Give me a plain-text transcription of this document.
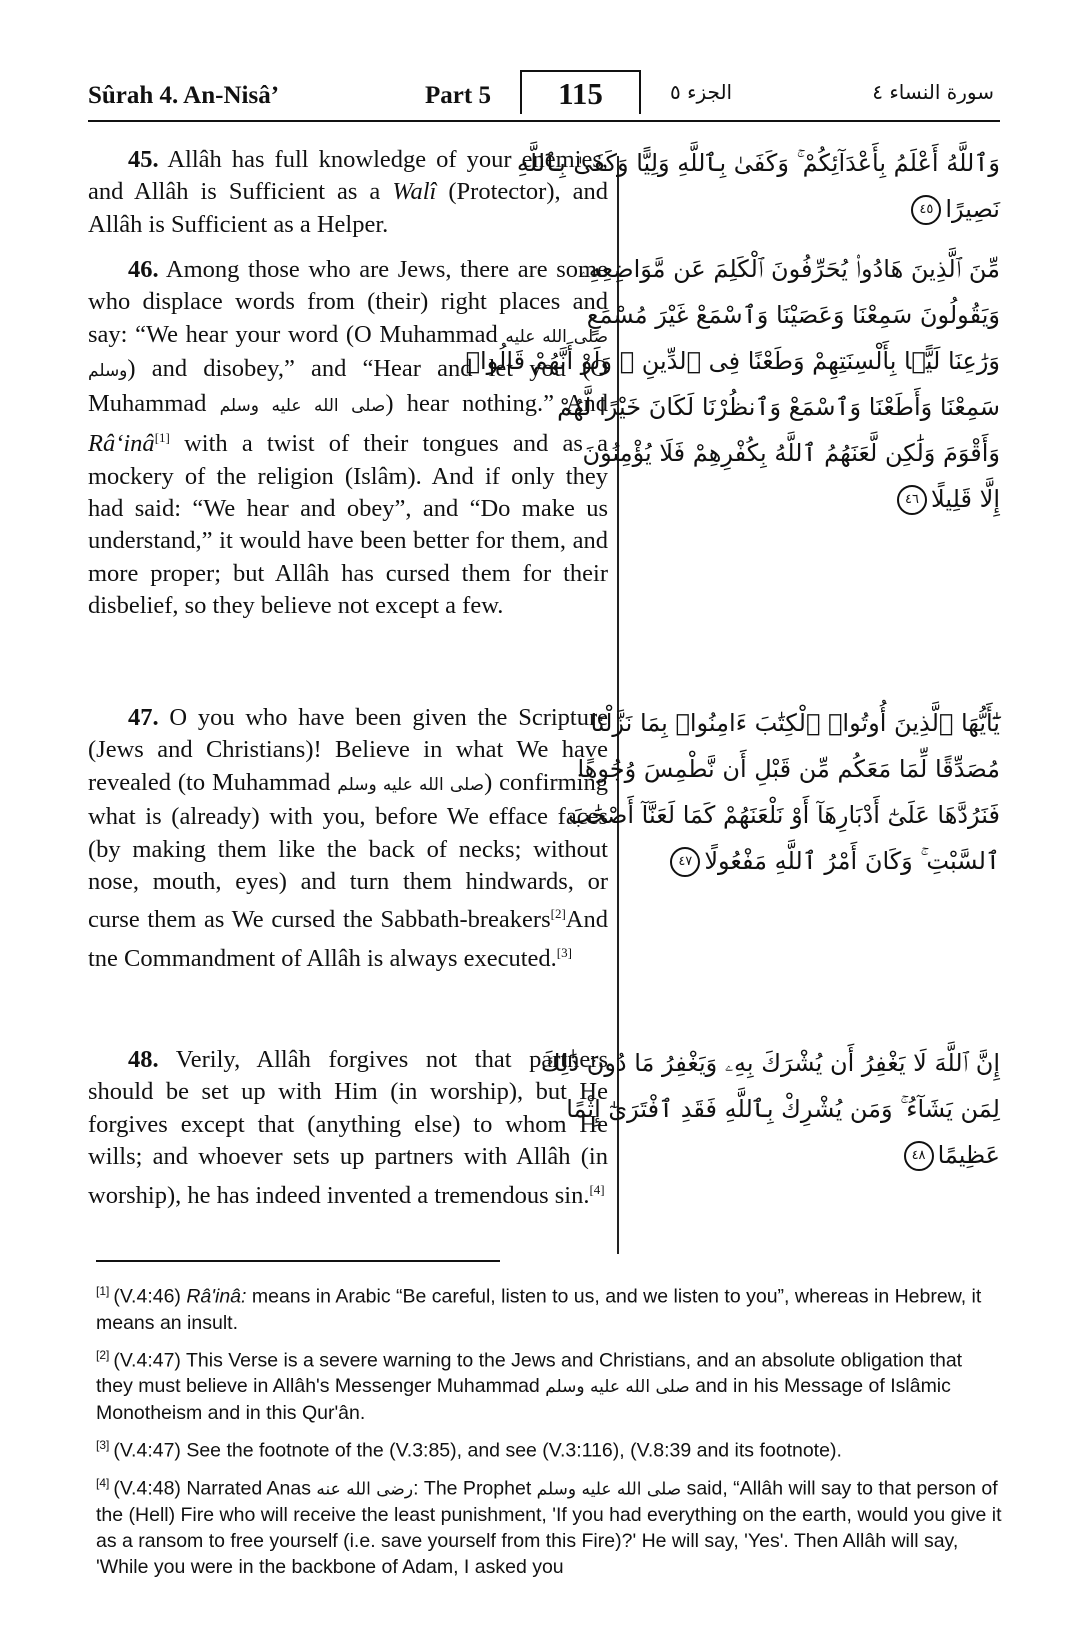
Sûrah 4. An-Nisâ’	Part 5	115	الجزء ٥	سورة النساء ٤

45. Allâh has full knowledge of your enemies, and Allâh is Sufficient as a Walî (Protector), and Allâh is Sufficient as a Helper.

وَٱللَّهُ أَعْلَمُ بِأَعْدَآئِكُمْ ۚ وَكَفَىٰ بِٱللَّهِ وَلِيًّا وَكَفَىٰ بِٱللَّهِ
نَصِيرًا٤٥

46. Among those who are Jews, there are some who displace words from (their) right places and say: “We hear your word (O Muhammad صلى الله عليه وسلم) and disobey,” and “Hear and let you (O Muhammad صلى الله عليه وسلم) hear nothing.” And Râ‘inâ[1] with a twist of their tongues and as a mockery of the religion (Islâm). And if only they had said: “We hear and obey”, and “Do make us understand,” it would have been better for them, and more proper; but Allâh has cursed them for their disbelief, so they believe not except a few.

مِّنَ ٱلَّذِينَ هَادُوا۟ يُحَرِّفُونَ ٱلْكَلِمَ عَن مَّوَاضِعِهِۦ
وَيَقُولُونَ سَمِعْنَا وَعَصَيْنَا وَٱسْمَعْ غَيْرَ مُسْمَعٍ
وَرَٰعِنَا لَيًّۢا بِأَلْسِنَتِهِمْ وَطَعْنًا فِى ٱلدِّينِ ۚ وَلَوْ أَنَّهُمْ قَالُوا۟
سَمِعْنَا وَأَطَعْنَا وَٱسْمَعْ وَٱنظُرْنَا لَكَانَ خَيْرًا لَّهُمْ
وَأَقْوَمَ وَلَٰكِن لَّعَنَهُمُ ٱللَّهُ بِكُفْرِهِمْ فَلَا يُؤْمِنُونَ
إِلَّا قَلِيلًا٤٦

47. O you who have been given the Scripture (Jews and Christians)! Believe in what We have revealed (to Muhammad صلى الله عليه وسلم) confirming what is (already) with you, before We efface faces (by making them like the back of necks; without nose, mouth, eyes) and turn them hindwards, or curse them as We cursed the Sabbath-breakers[2]And tne Commandment of Allâh is always executed.[3]

يَٰٓأَيُّهَا ٱلَّذِينَ أُوتُوا۟ ٱلْكِتَٰبَ ءَامِنُوا۟ بِمَا نَزَّلْنَا
مُصَدِّقًا لِّمَا مَعَكُم مِّن قَبْلِ أَن نَّطْمِسَ وُجُوهًا
فَنَرُدَّهَا عَلَىٰٓ أَدْبَارِهَآ أَوْ نَلْعَنَهُمْ كَمَا لَعَنَّآ أَصْحَٰبَ
ٱلسَّبْتِ ۚ وَكَانَ أَمْرُ ٱللَّهِ مَفْعُولًا٤٧

48. Verily, Allâh forgives not that partners should be set up with Him (in worship), but He forgives except that (anything else) to whom He wills; and whoever sets up partners with Allâh (in worship), he has indeed invented a tremendous sin.[4]

إِنَّ ٱللَّهَ لَا يَغْفِرُ أَن يُشْرَكَ بِهِۦ وَيَغْفِرُ مَا دُونَ ذَٰلِكَ
لِمَن يَشَآءُ ۚ وَمَن يُشْرِكْ بِٱللَّهِ فَقَدِ ٱفْتَرَىٰٓ إِثْمًا
عَظِيمًا٤٨

[1] (V.4:46) Râ'inâ: means in Arabic “Be careful, listen to us, and we listen to you”, whereas in Hebrew, it means an insult.

[2] (V.4:47) This Verse is a severe warning to the Jews and Christians, and an absolute obligation that they must believe in Allâh's Messenger Muhammad صلى الله عليه وسلم and in his Message of Islâmic Monotheism and in this Qur'ân.

[3] (V.4:47) See the footnote of the (V.3:85), and see (V.3:116), (V.8:39 and its footnote).

[4] (V.4:48) Narrated Anas رضى الله عنه: The Prophet صلى الله عليه وسلم said, “Allâh will say to that person of the (Hell) Fire who will receive the least punishment, 'If you had everything on the earth, would you give it as a ransom to free yourself (i.e. save yourself from this Fire)?' He will say, 'Yes'. Then Allâh will say, 'While you were in the backbone of Adam, I asked you
